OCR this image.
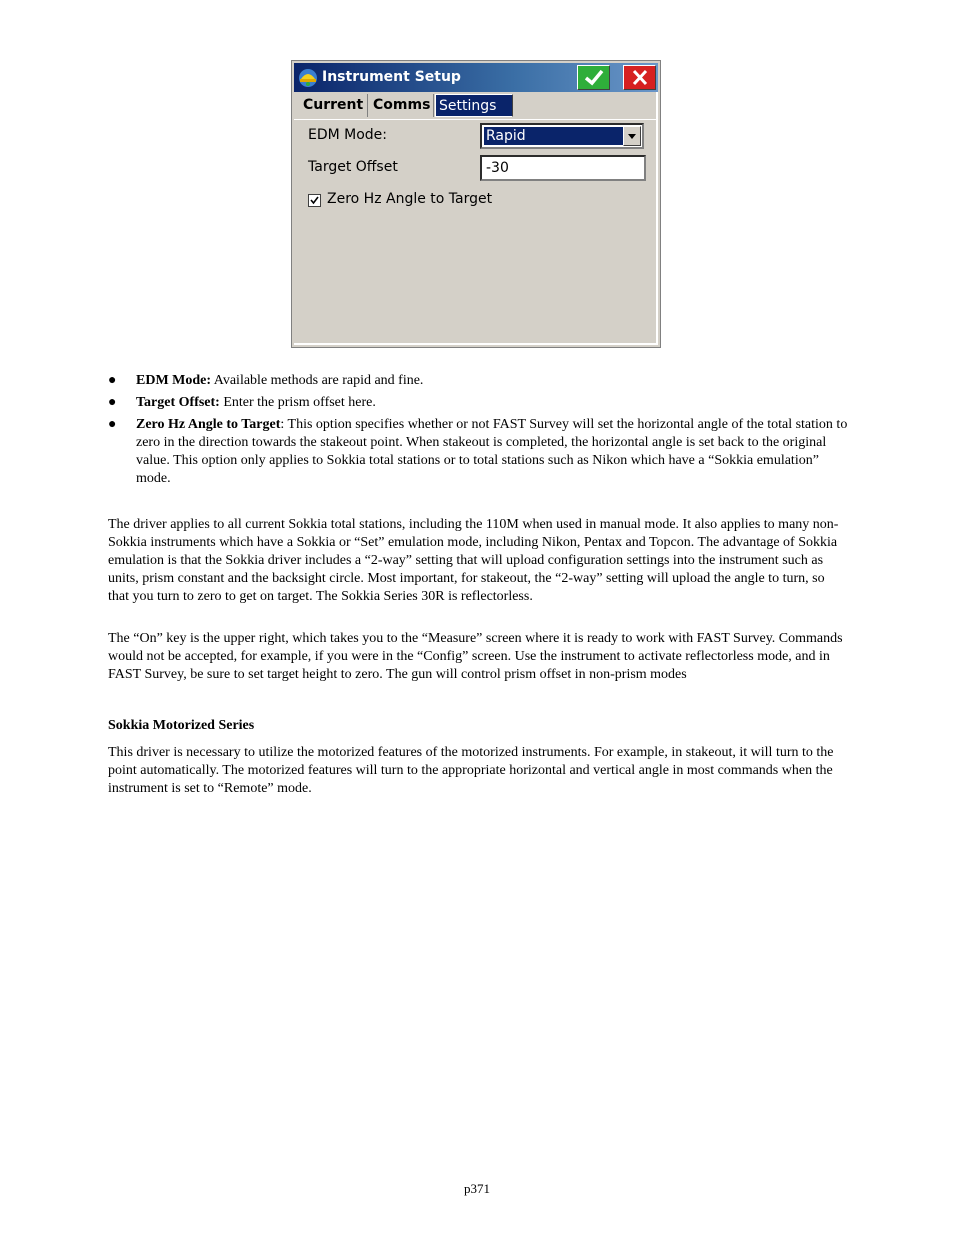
Instrument Setup
Current Comms Settings
EDM Mode:	Rapid
Target Offset	-30
Zero Hz Angle to Target
● EDM Mode: Available methods are rapid and fine.
● Target Offset: Enter the prism offset here.
● Zero Hz Angle to Target: This option specifies whether or not FAST Survey will set the horizontal angle of the total station to zero in the direction towards the stakeout point. When stakeout is completed, the horizontal angle is set back to the original value. This option only applies to Sokkia total stations or to total stations such as Nikon which have a “Sokkia emulation” mode.

The driver applies to all current Sokkia total stations, including the 110M when used in manual mode. It also applies to many non-Sokkia instruments which have a Sokkia or “Set” emulation mode, including Nikon, Pentax and Topcon. The advantage of Sokkia emulation is that the Sokkia driver includes a “2-way” setting that will upload configuration settings into the instrument such as units, prism constant and the backsight circle. Most important, for stakeout, the “2-way” setting will upload the angle to turn, so that you turn to zero to get on target. The Sokkia Series 30R is reflectorless.

The “On” key is the upper right, which takes you to the “Measure” screen where it is ready to work with FAST Survey. Commands would not be accepted, for example, if you were in the “Config” screen. Use the instrument to activate reflectorless mode, and in FAST Survey, be sure to set target height to zero. The gun will control prism offset in non-prism modes

Sokkia Motorized Series

This driver is necessary to utilize the motorized features of the motorized instruments. For example, in stakeout, it will turn to the point automatically. The motorized features will turn to the appropriate horizontal and vertical angle in most commands when the instrument is set to “Remote” mode.

p371
